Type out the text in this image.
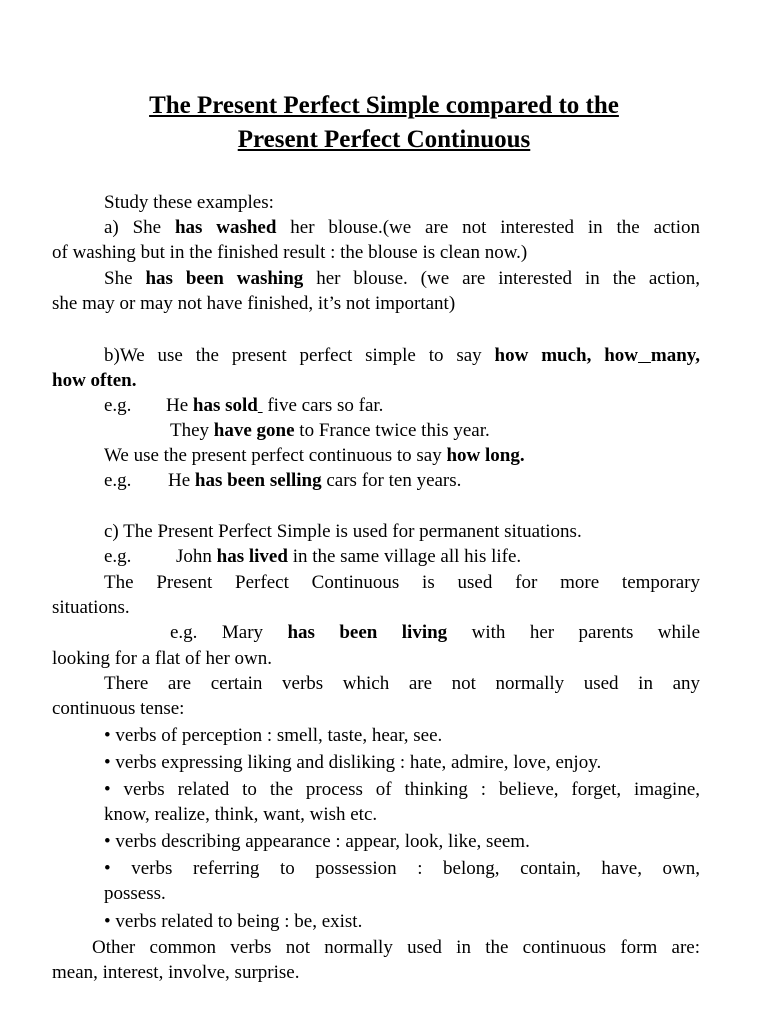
The Present Perfect Simple compared to the
Present Perfect Continuous
Study these examples:
a) She has washed her blouse.(we are not interested in the action
of washing but in the finished result : the blouse is clean now.)
She has been washing her blouse. (we are interested in the action,
she may or may not have finished, it’s not important)
b)We use the present perfect simple to say how much, how many,
how often.
e.g. He has sold  five cars so far.
They have gone to France twice this year.
We use the present perfect continuous to say how long.
e.g. He has been selling cars for ten years.
c) The Present Perfect Simple is used for permanent situations.
e.g. John has lived in the same village all his life.
The Present Perfect Continuous is used for more temporary
situations.
e.g. Mary has been living with her parents while
looking for a flat of her own.
There are certain verbs which are not normally used in any
continuous tense:
• verbs of perception : smell, taste, hear, see.
• verbs expressing liking and disliking : hate, admire, love, enjoy.
• verbs related to the process of thinking : believe, forget, imagine,
know, realize, think, want, wish etc.
• verbs describing appearance : appear, look, like, seem.
• verbs referring to possession : belong, contain, have, own,
possess.
• verbs related to being : be, exist.
Other common verbs not normally used in the continuous form are:
mean, interest, involve, surprise.
